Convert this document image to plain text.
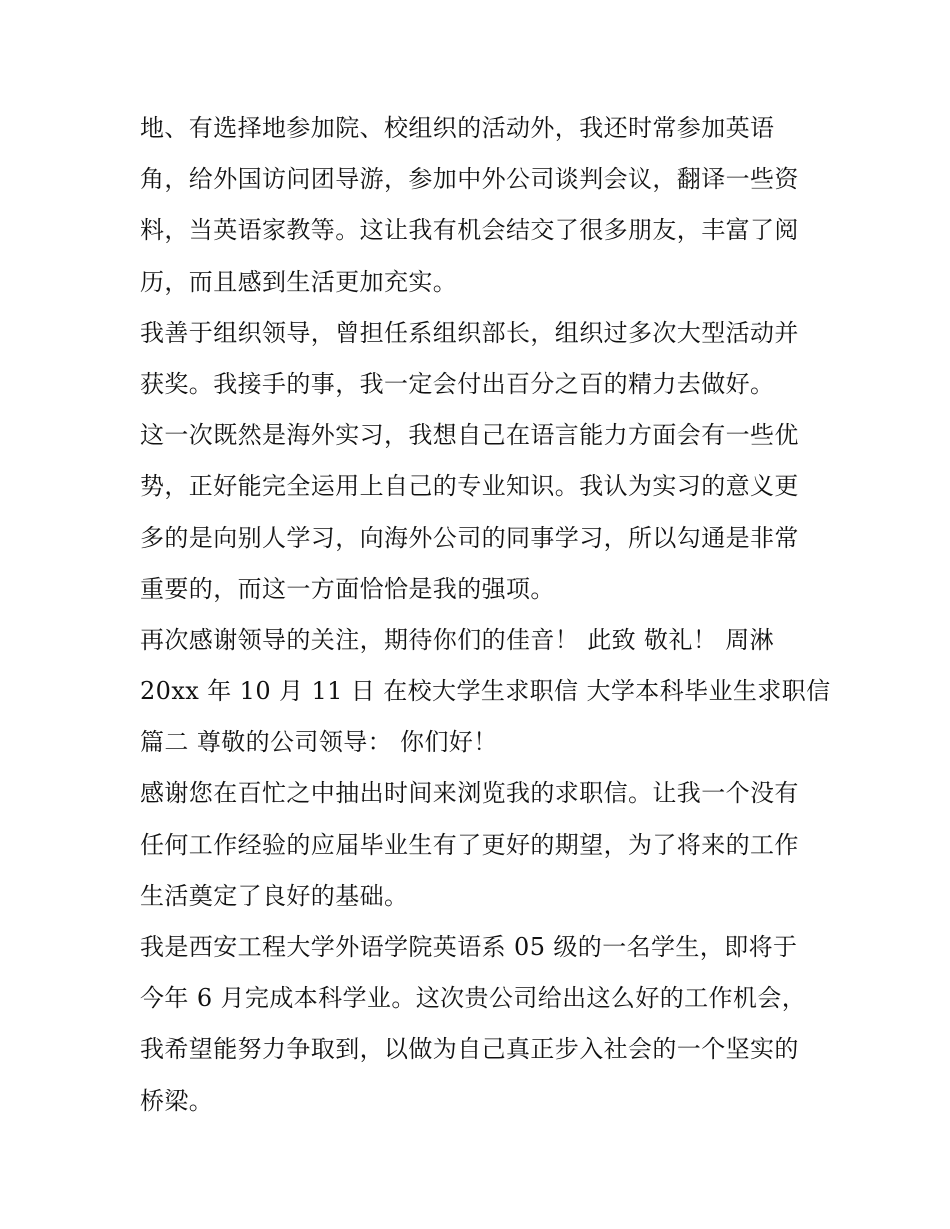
地、有选择地参加院、校组织的活动外，我还时常参加英语
角，给外国访问团导游，参加中外公司谈判会议，翻译一些资
料，当英语家教等。这让我有机会结交了很多朋友，丰富了阅
历，而且感到生活更加充实。
我善于组织领导，曾担任系组织部长，组织过多次大型活动并
获奖。我接手的事，我一定会付出百分之百的精力去做好。
这一次既然是海外实习，我想自己在语言能力方面会有一些优
势，正好能完全运用上自己的专业知识。我认为实习的意义更
多的是向别人学习，向海外公司的同事学习，所以勾通是非常
重要的，而这一方面恰恰是我的强项。
再次感谢领导的关注，期待你们的佳音！ 此致 敬礼！ 周淋
20xx 年 10 月 11 日 在校大学生求职信 大学本科毕业生求职信
篇二 尊敬的公司领导： 你们好！
感谢您在百忙之中抽出时间来浏览我的求职信。让我一个没有
任何工作经验的应届毕业生有了更好的期望，为了将来的工作
生活奠定了良好的基础。
我是西安工程大学外语学院英语系 05 级的一名学生，即将于
今年 6 月完成本科学业。这次贵公司给出这么好的工作机会，
我希望能努力争取到，以做为自己真正步入社会的一个坚实的
桥梁。
